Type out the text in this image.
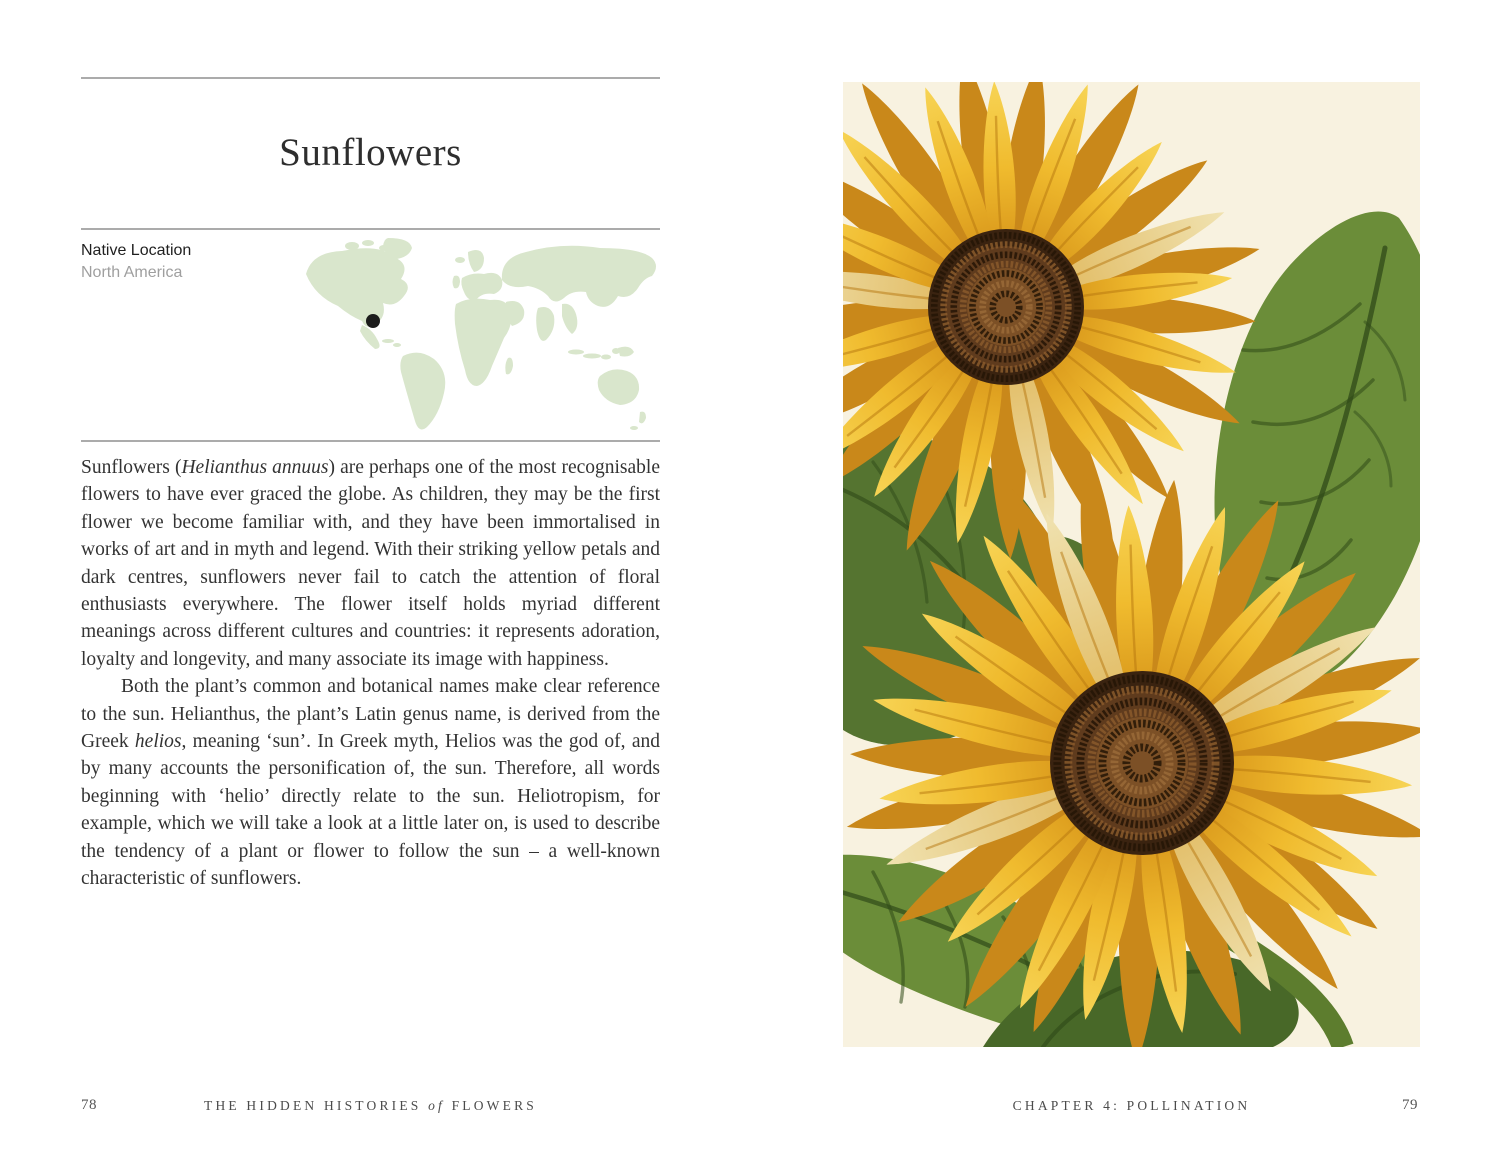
Sunflowers
Native Location
North America

Sunflowers (Helianthus annuus) are perhaps one of the most recognisable flowers to have ever graced the globe. As children, they may be the first flower we become familiar with, and they have been immortalised in works of art and in myth and legend. With their striking yellow petals and dark centres, sunflowers never fail to catch the attention of floral enthusiasts everywhere. The flower itself holds myriad different meanings across different cultures and countries: it represents adoration, loyalty and longevity, and many associate its image with happiness.

Both the plant’s common and botanical names make clear reference to the sun. Helianthus, the plant’s Latin genus name, is derived from the Greek helios, meaning ‘sun’. In Greek myth, Helios was the god of, and by many accounts the personification of, the sun. Therefore, all words beginning with ‘helio’ directly relate to the sun. Heliotropism, for example, which we will take a look at a little later on, is used to describe the tendency of a plant or flower to follow the sun – a well-known characteristic of sunflowers.

78	THE HIDDEN HISTORIES of FLOWERS	CHAPTER 4: POLLINATION	79
